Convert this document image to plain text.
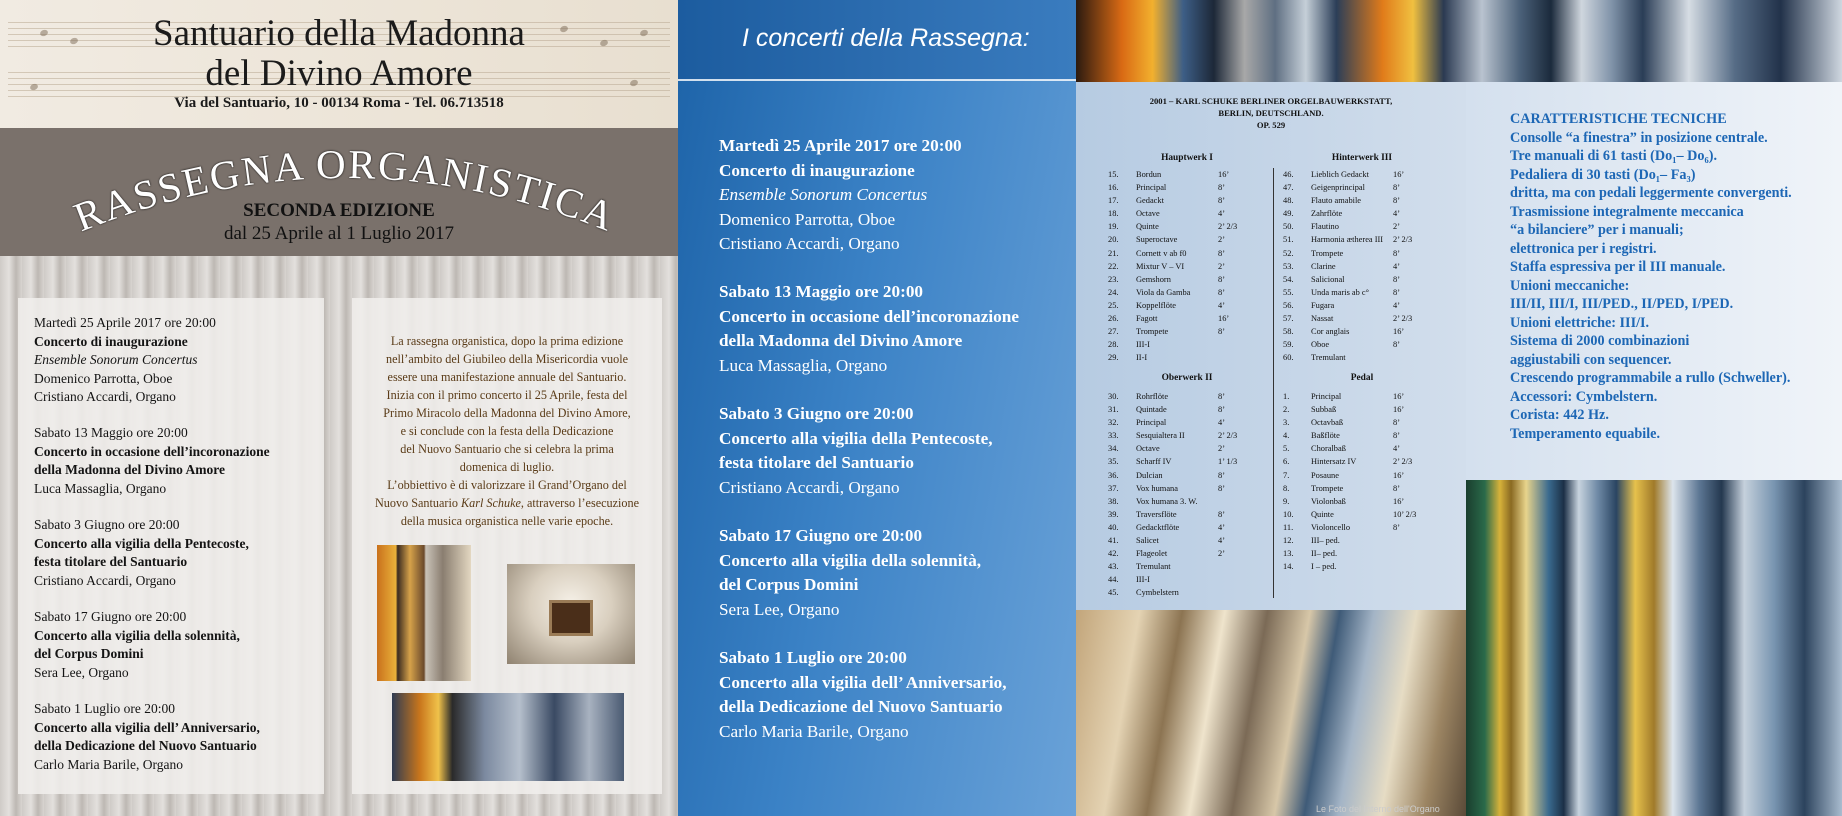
Santuario della Madonna
del Divino Amore
Via del Santuario, 10 - 00134 Roma - Tel. 06.713518
RASSEGNA ORGANISTICA
SECONDA EDIZIONE
dal 25 Aprile al 1 Luglio 2017
Martedì 25 Aprile 2017 ore 20:00
Concerto di inaugurazione
Ensemble Sonorum Concertus
Domenico Parrotta, Oboe
Cristiano Accardi, Organo
Sabato 13 Maggio ore 20:00
Concerto in occasione dell’incoronazione
della Madonna del Divino Amore
Luca Massaglia, Organo
Sabato 3 Giugno ore 20:00
Concerto alla vigilia della Pentecoste,
festa titolare del Santuario
Cristiano Accardi, Organo
Sabato 17 Giugno ore 20:00
Concerto alla vigilia della solennità,
del Corpus Domini
Sera Lee, Organo
Sabato 1 Luglio ore 20:00
Concerto alla vigilia dell’ Anniversario,
della Dedicazione del Nuovo Santuario
Carlo Maria Barile, Organo
La rassegna organistica, dopo la prima edizione
nell’ambito del Giubileo della Misericordia vuole
essere una manifestazione annuale del Santuario.
Inizia con il primo concerto il 25 Aprile, festa del
Primo Miracolo della Madonna del Divino Amore,
e si conclude con la festa della Dedicazione
del Nuovo Santuario che si celebra la prima
domenica di luglio.
L’obbiettivo è di valorizzare il Grand’Organo del
Nuovo Santuario Karl Schuke, attraverso l’esecuzione
della musica organistica nelle varie epoche.
I concerti della Rassegna:
Martedì 25 Aprile 2017 ore 20:00
Concerto di inaugurazione
Ensemble Sonorum Concertus
Domenico Parrotta, Oboe
Cristiano Accardi, Organo
Sabato 13 Maggio ore 20:00
Concerto in occasione dell’incoronazione
della Madonna del Divino Amore
Luca Massaglia, Organo
Sabato 3 Giugno ore 20:00
Concerto alla vigilia della Pentecoste,
festa titolare del Santuario
Cristiano Accardi, Organo
Sabato 17 Giugno ore 20:00
Concerto alla vigilia della solennità,
del Corpus Domini
Sera Lee, Organo
Sabato 1 Luglio ore 20:00
Concerto alla vigilia dell’ Anniversario,
della Dedicazione del Nuovo Santuario
Carlo Maria Barile, Organo
2001 – KARL SCHUKE BERLINER ORGELBAUWERKSTATT,
BERLIN, DEUTSCHLAND.
OP. 529
Hauptwerk I
15.	Bordun	16’
16.	Principal	8’
17.	Gedackt	8’
18.	Octave	4’
19.	Quinte	2’ 2/3
20.	Superoctave	2’
21.	Cornett v ab f0	8’
22.	Mixtur V – VI	2’
23.	Gemshorn	8’
24.	Viola da Gamba	8’
25.	Koppelflöte	4’
26.	Fagott	16’
27.	Trompete	8’
28.	III-I
29.	II-I
Hinterwerk III
46.	Lieblich Gedackt	16’
47.	Geigenprincipal	8’
48.	Flauto amabile	8’
49.	Zahrflöte	4’
50.	Flautino	2’
51.	Harmonia ætherea III	2’ 2/3
52.	Trompete	8’
53.	Clarine	4’
54.	Salicional	8’
55.	Unda maris ab c°	8’
56.	Fugara	4’
57.	Nassat	2’ 2/3
58.	Cor anglais	16’
59.	Oboe	8’
60.	Tremulant
Oberwerk II
30.	Rohrflöte	8’
31.	Quintade	8’
32.	Principal	4’
33.	Sesquialtera II	2’ 2/3
34.	Octave	2’
35.	Scharff IV	1’ 1/3
36.	Dulcian	8’
37.	Vox humana	8’
38.	Vox humana 3. W.
39.	Traversflöte	8’
40.	Gedacktflöte	4’
41.	Salicet	4’
42.	Flageolet	2’
43.	Tremulant
44.	III-I
45.	Cymbelstern
Pedal
1.	Principal	16’
2.	Subbaß	16’
3.	Octavbaß	8’
4.	Baßflöte	8’
5.	Choralbaß	4’
6.	Hintersatz IV	2’ 2/3
7.	Posaune	16’
8.	Trompete	8’
9.	Violonbaß	16’
10.	Quinte	10’ 2/3
11.	Violoncello	8’
12.	III– ped.
13.	II– ped.
14.	I – ped.
CARATTERISTICHE TECNICHE
Consolle “a finestra” in posizione centrale.
Tre manuali di 61 tasti (Do₁– Do₆).
Pedaliera di 30 tasti (Do₁– Fa₃)
dritta, ma con pedali leggermente convergenti.
Trasmissione integralmente meccanica
“a bilanciere” per i manuali;
elettronica per i registri.
Staffa espressiva per il III manuale.
Unioni meccaniche:
III/II, III/I, III/PED., II/PED, I/PED.
Unioni elettriche: III/I.
Sistema di 2000 combinazioni
aggiustabili con sequencer.
Crescendo programmabile a rullo (Schweller).
Accessori: Cymbelstern.
Corista: 442 Hz.
Temperamento equabile.
Le Foto del Interno dell'Organo
